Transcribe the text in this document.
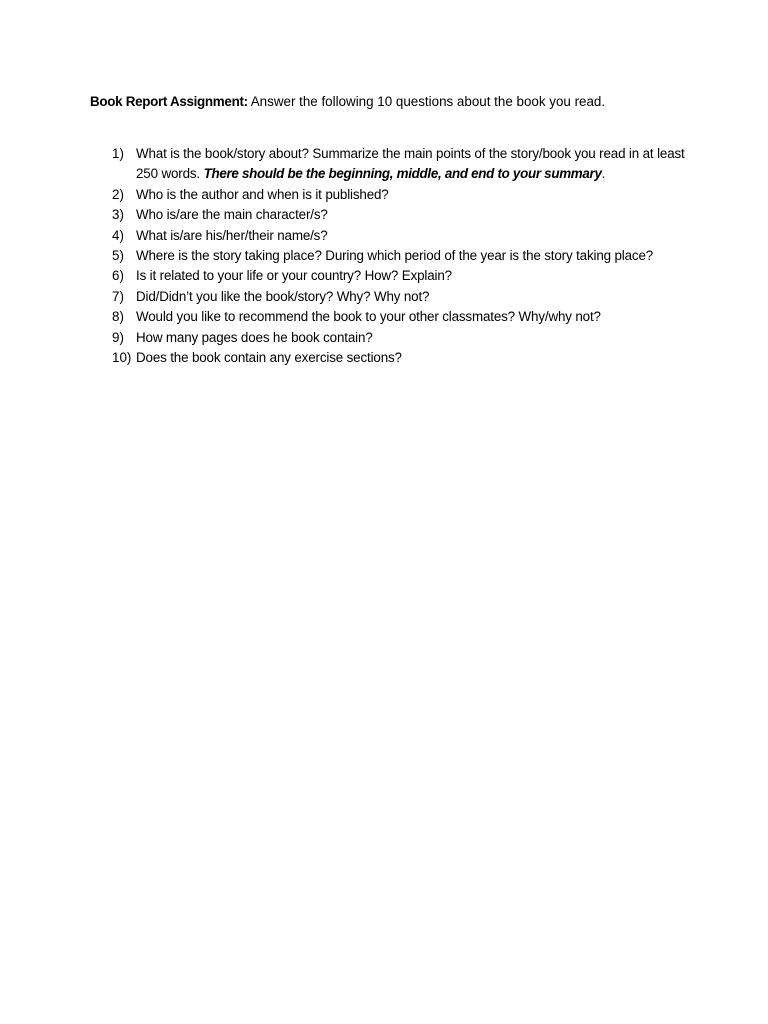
Book Report Assignment: Answer the following 10 questions about the book you read.
1) What is the book/story about? Summarize the main points of the story/book you read in at least 250 words. There should be the beginning, middle, and end to your summary.
2) Who is the author and when is it published?
3) Who is/are the main character/s?
4) What is/are his/her/their name/s?
5) Where is the story taking place? During which period of the year is the story taking place?
6) Is it related to your life or your country? How? Explain?
7) Did/Didn’t you like the book/story? Why? Why not?
8) Would you like to recommend the book to your other classmates? Why/why not?
9) How many pages does he book contain?
10) Does the book contain any exercise sections?
